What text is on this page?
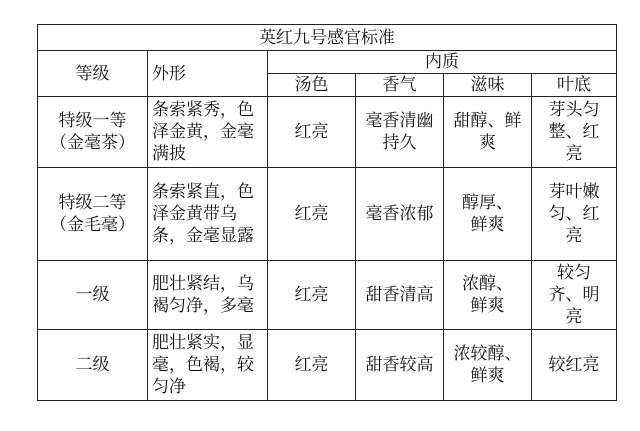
英红九号感官标准					
等级	外形	内质			
		汤色	香气	滋味	叶底
特级一等（金毫茶）	条索紧秀，色泽金黄，金毫满披	红亮	毫香清幽持久	甜醇、鲜爽	芽头匀整、红亮
特级二等（金毛毫）	条索紧直，色泽金黄带乌条，金毫显露	红亮	毫香浓郁	醇厚、鲜爽	芽叶嫩匀、红亮
一级	肥壮紧结，乌褐匀净，多毫	红亮	甜香清高	浓醇、鲜爽	较匀齐、明亮
二级	肥壮紧实，显毫，色褐，较匀净	红亮	甜香较高	浓较醇、鲜爽	较红亮
